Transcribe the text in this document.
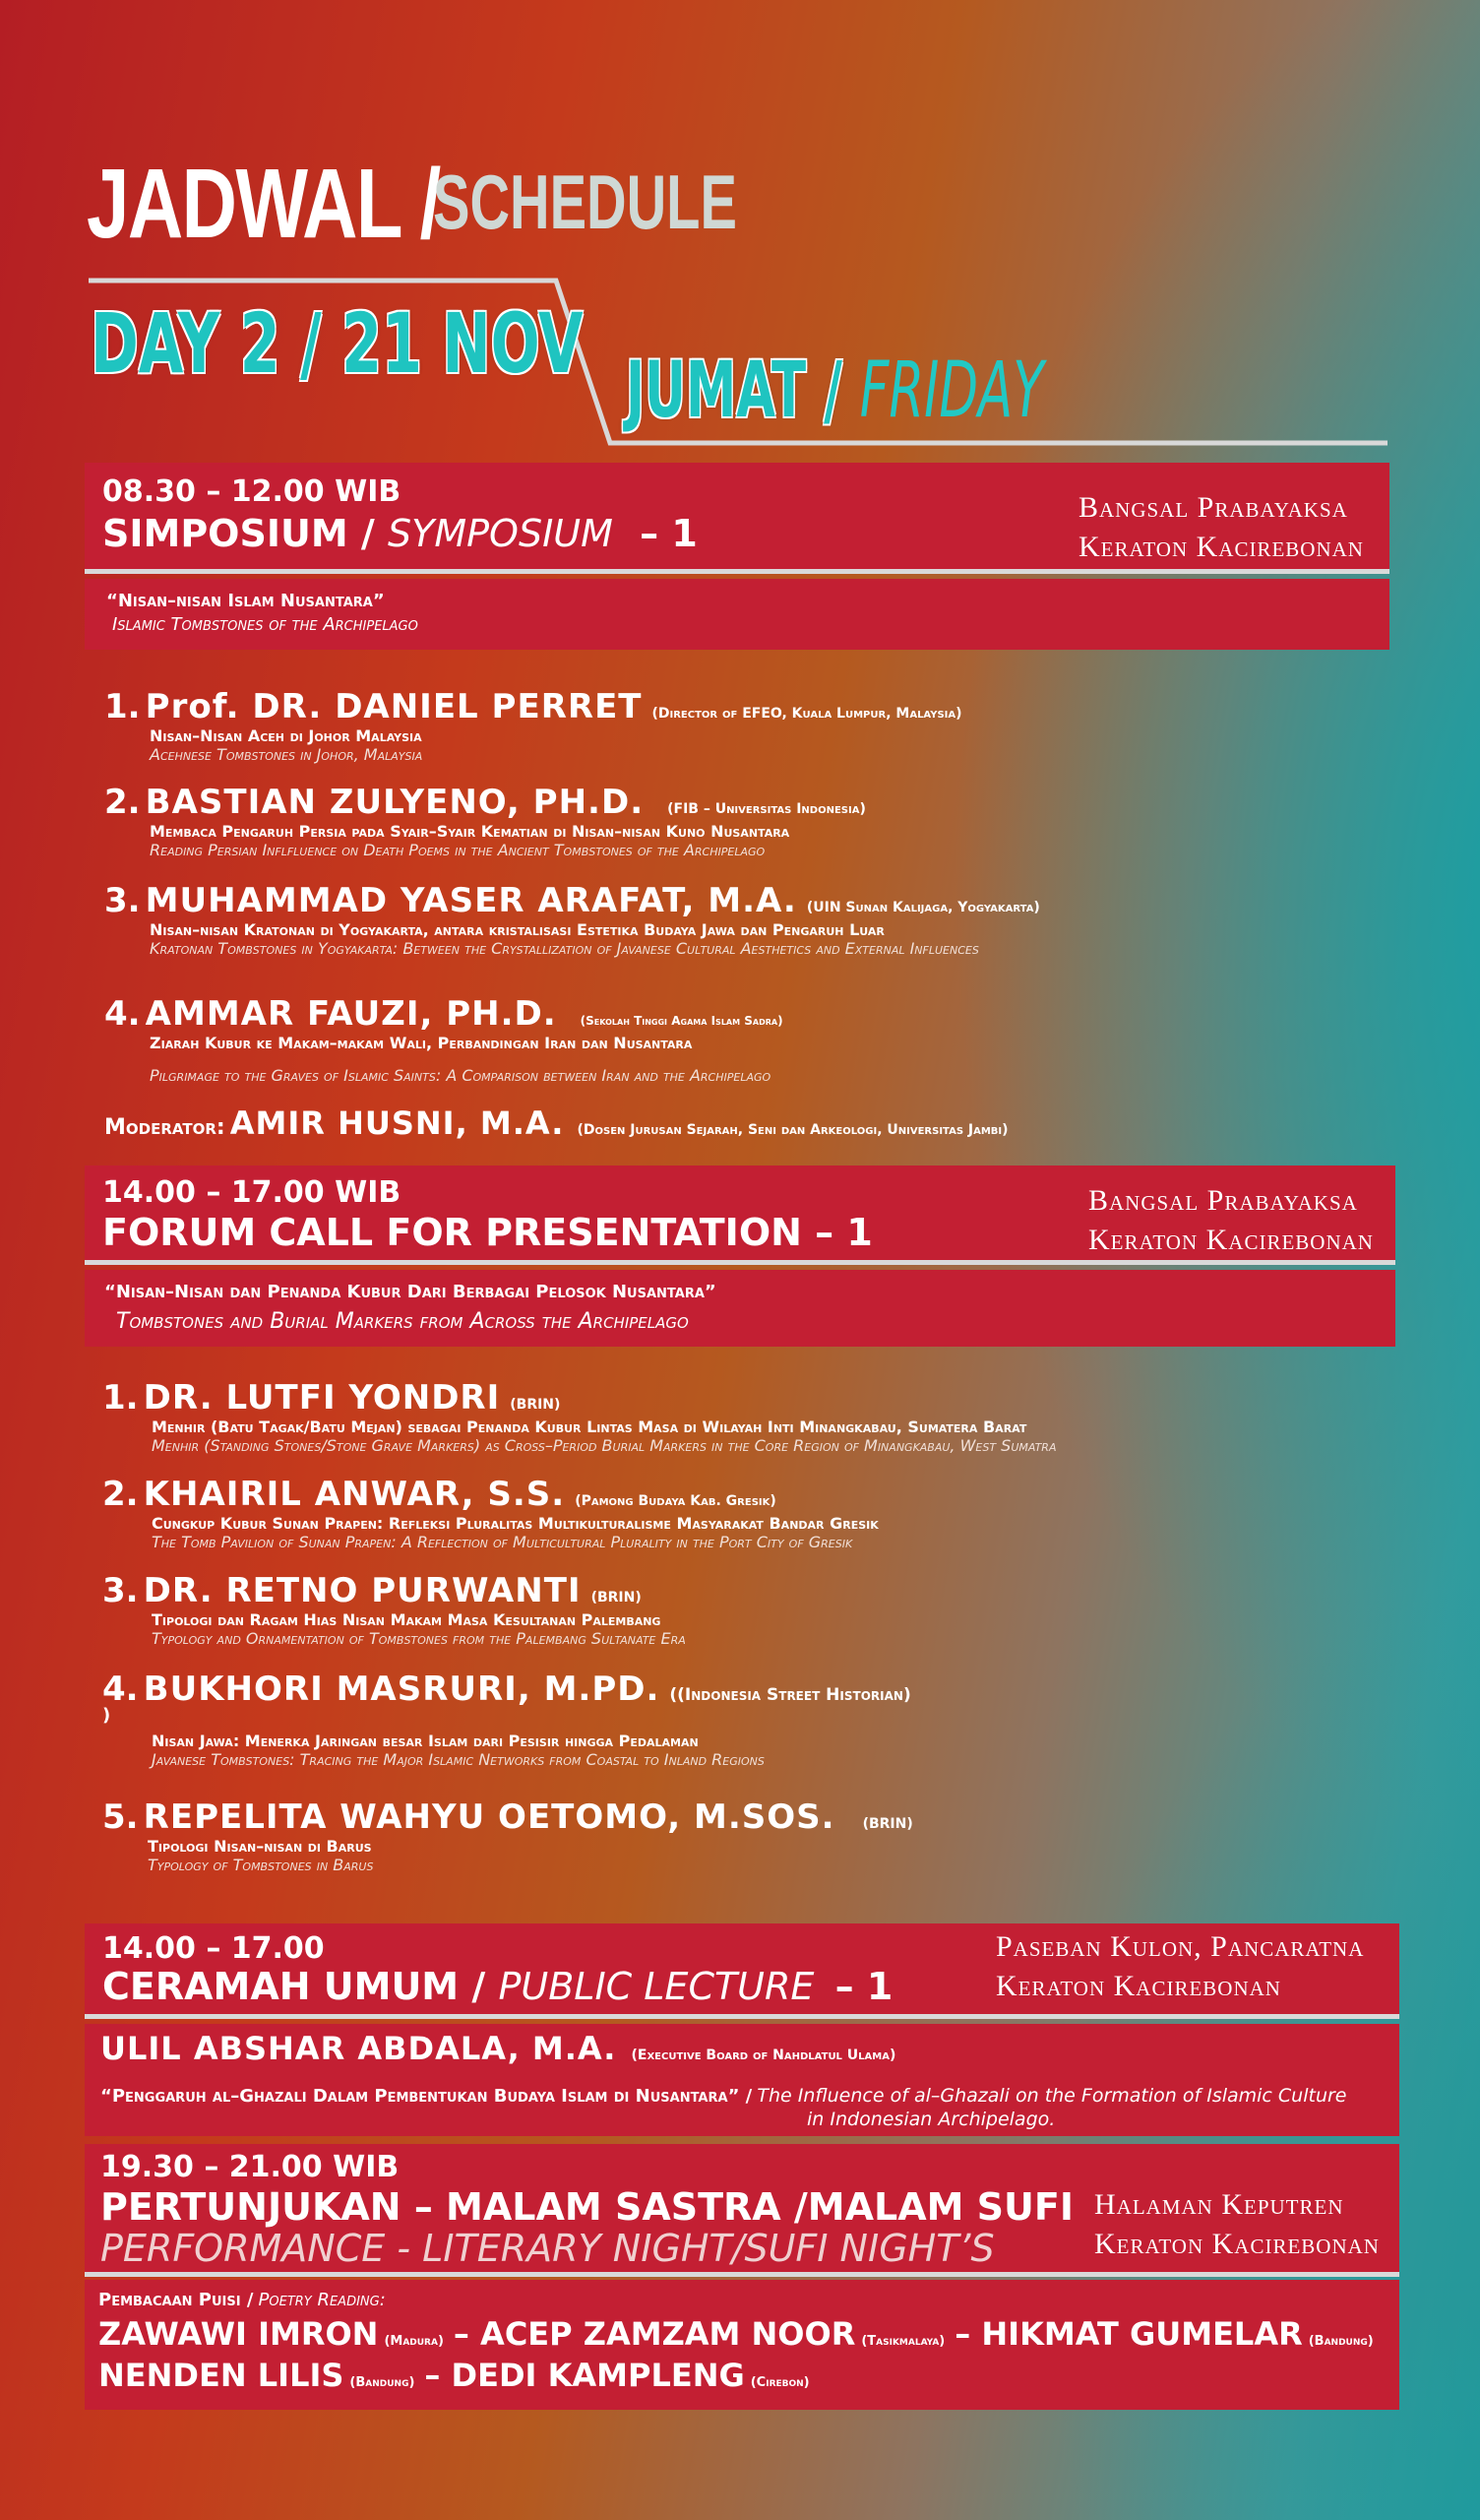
JADWAL /
SCHEDULE
DAY 2 / 21 NOV JUMAT / FRIDAY
08.30 – 12.00 WIB
SIMPOSIUM / SYMPOSIUM – 1
Bangsal Prabayaksa
Keraton Kacirebonan
“Nisan–nisan Islam Nusantara”
Islamic Tombstones of the Archipelago
1. Prof. DR. DANIEL PERRET (Director of EFEO, Kuala Lumpur, Malaysia)
Nisan–Nisan Aceh di Johor Malaysia
Acehnese Tombstones in Johor, Malaysia
2. BASTIAN ZULYENO, PH.D. (FIB – Universitas Indonesia)
Membaca Pengaruh Persia pada Syair–Syair Kematian di Nisan–nisan Kuno Nusantara
Reading Persian Inflfluence on Death Poems in the Ancient Tombstones of the Archipelago
3. MUHAMMAD YASER ARAFAT, M.A. (UIN Sunan Kalijaga, Yogyakarta)
Nisan–nisan Kratonan di Yogyakarta, antara kristalisasi Estetika Budaya Jawa dan Pengaruh Luar
Kratonan Tombstones in Yogyakarta: Between the Crystallization of Javanese Cultural Aesthetics and External Influences
4. AMMAR FAUZI, PH.D. (Sekolah Tinggi Agama Islam Sadra)
Ziarah Kubur ke Makam–makam Wali, Perbandingan Iran dan Nusantara
Pilgrimage to the Graves of Islamic Saints: A Comparison between Iran and the Archipelago
Moderator: AMIR HUSNI, M.A. (Dosen Jurusan Sejarah, Seni dan Arkeologi, Universitas Jambi)
14.00 – 17.00 WIB
FORUM CALL FOR PRESENTATION – 1
Bangsal Prabayaksa
Keraton Kacirebonan
“Nisan–Nisan dan Penanda Kubur Dari Berbagai Pelosok Nusantara”
Tombstones and Burial Markers from Across the Archipelago
1. DR. LUTFI YONDRI (BRIN)
Menhir (Batu Tagak/Batu Mejan) sebagai Penanda Kubur Lintas Masa di Wilayah Inti Minangkabau, Sumatera Barat
Menhir (Standing Stones/Stone Grave Markers) as Cross–Period Burial Markers in the Core Region of Minangkabau, West Sumatra
2. KHAIRIL ANWAR, S.S. (Pamong Budaya Kab. Gresik)
Cungkup Kubur Sunan Prapen: Refleksi Pluralitas Multikulturalisme Masyarakat Bandar Gresik
The Tomb Pavilion of Sunan Prapen: A Reflection of Multicultural Plurality in the Port City of Gresik
3. DR. RETNO PURWANTI (BRIN)
Tipologi dan Ragam Hias Nisan Makam Masa Kesultanan Palembang
Typology and Ornamentation of Tombstones from the Palembang Sultanate Era
4. BUKHORI MASRURI, M.PD. ((Indonesia Street Historian)
)
Nisan Jawa: Menerka Jaringan besar Islam dari Pesisir hingga Pedalaman
Javanese Tombstones: Tracing the Major Islamic Networks from Coastal to Inland Regions
5. REPELITA WAHYU OETOMO, M.SOS. (BRIN)
Tipologi Nisan–nisan di Barus
Typology of Tombstones in Barus
14.00 – 17.00
CERAMAH UMUM / PUBLIC LECTURE – 1
Paseban Kulon, Pancaratna
Keraton Kacirebonan
ULIL ABSHAR ABDALA, M.A. (Executive Board of Nahdlatul Ulama)
“Penggaruh al–Ghazali Dalam Pembentukan Budaya Islam di Nusantara” / The Influence of al–Ghazali on the Formation of Islamic Culture
in Indonesian Archipelago.
19.30 – 21.00 WIB
PERTUNJUKAN – MALAM SASTRA /MALAM SUFI
PERFORMANCE - LITERARY NIGHT/SUFI NIGHT’S
Halaman Keputren
Keraton Kacirebonan
Pembacaan Puisi / Poetry Reading:
ZAWAWI IMRON (Madura) – ACEP ZAMZAM NOOR (Tasikmalaya) – HIKMAT GUMELAR (Bandung)
NENDEN LILIS (Bandung) – DEDI KAMPLENG (Cirebon)
